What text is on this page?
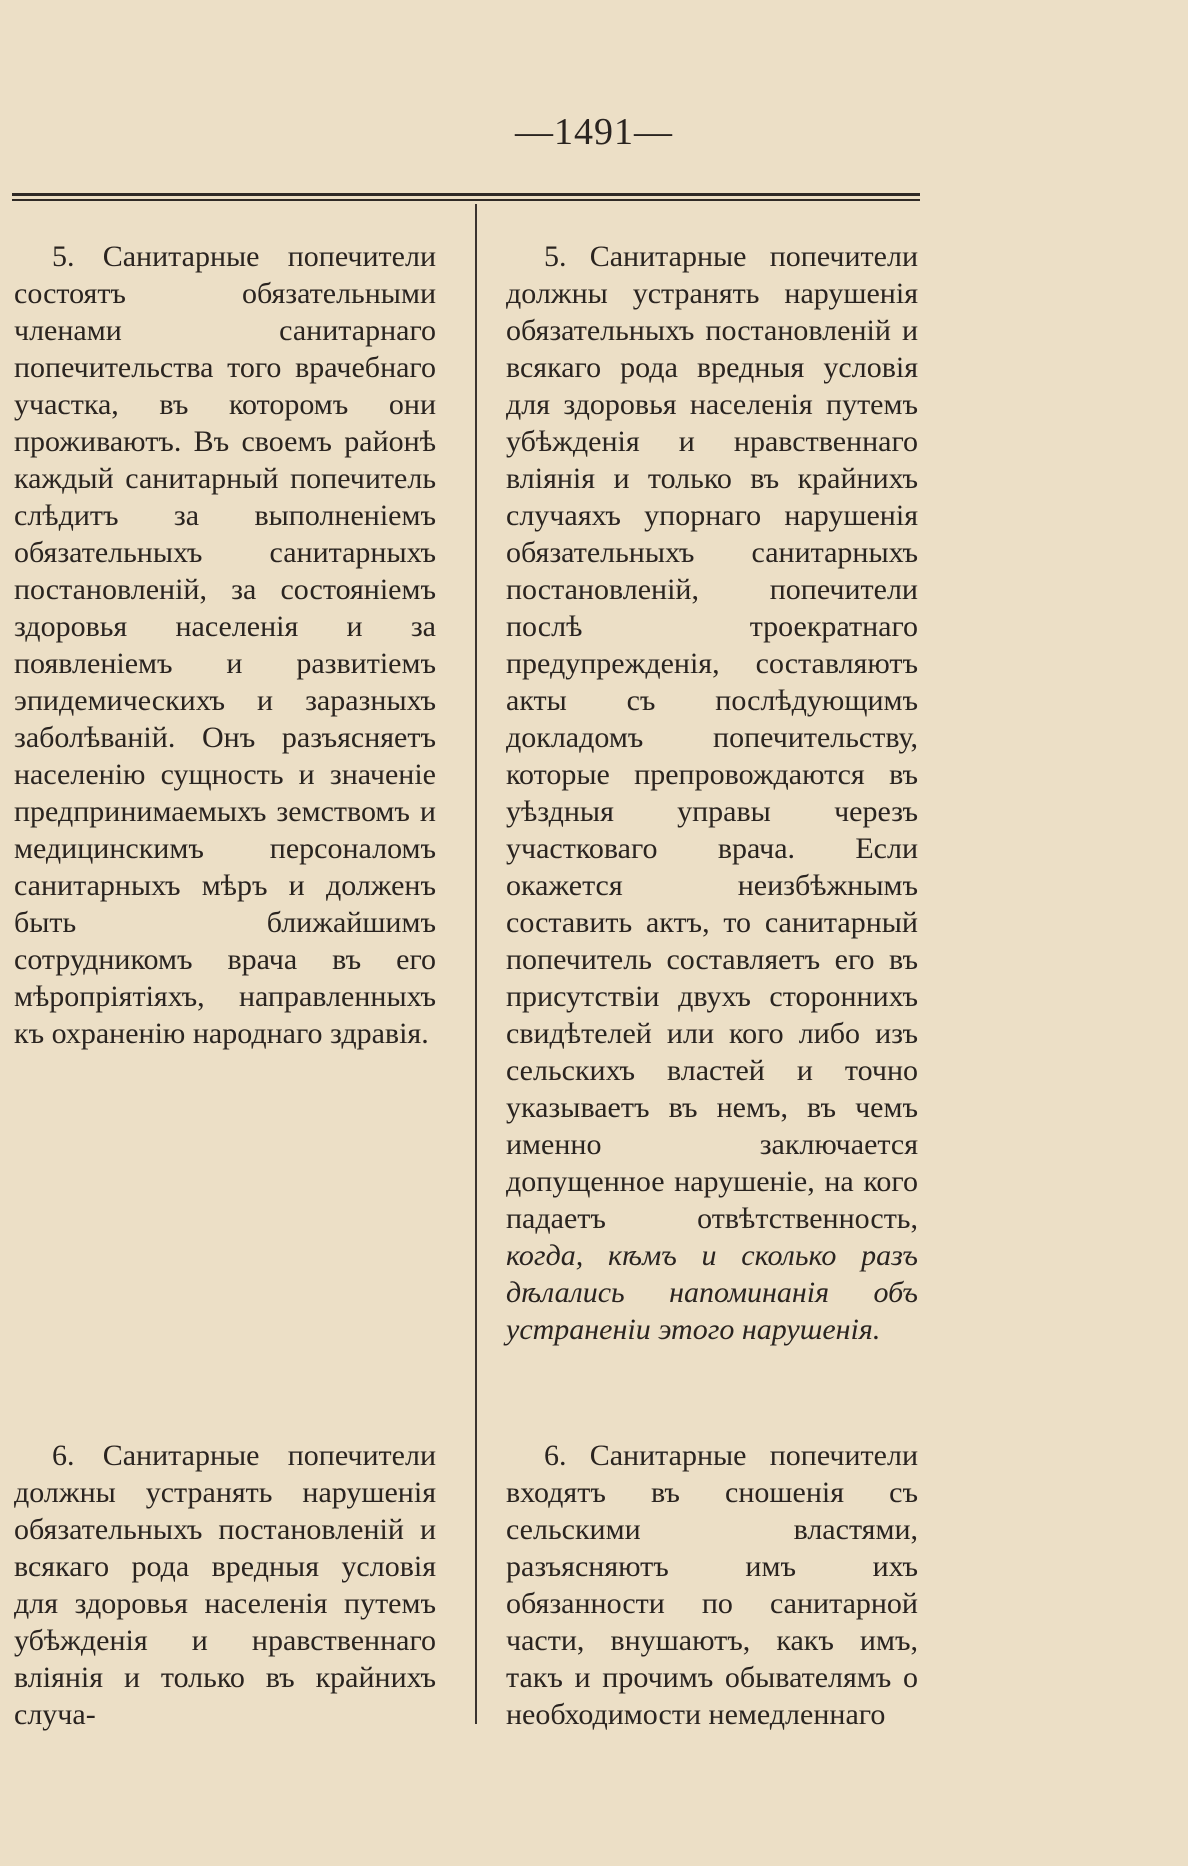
—1491—

5. Санитарные попечители состоятъ обязательными членами санитарнаго попечительства того врачебнаго участка, въ которомъ они проживаютъ. Въ своемъ районѣ каждый санитарный попечитель слѣдитъ за выполненіемъ обязательныхъ санитарныхъ постановленій, за состояніемъ здоровья населенія и за появленіемъ и развитіемъ эпидемическихъ и заразныхъ заболѣваній. Онъ разъясняетъ населенію сущность и значеніе предпринимаемыхъ земствомъ и медицинскимъ персоналомъ санитарныхъ мѣръ и долженъ быть ближайшимъ сотрудникомъ врача въ его мѣропріятіяхъ, направленныхъ къ охраненію народнаго здравія.

5. Санитарные попечители должны устранять нарушенія обязательныхъ постановленій и всякаго рода вредныя условія для здоровья населенія путемъ убѣжденія и нравственнаго вліянія и только въ крайнихъ случаяхъ упорнаго нарушенія обязательныхъ санитарныхъ постановленій, попечители послѣ троекратнаго предупрежденія, составляютъ акты съ послѣдующимъ докладомъ попечительству, которые препровождаются въ уѣздныя управы черезъ участковаго врача. Если окажется неизбѣжнымъ составить актъ, то санитарный попечитель составляетъ его въ присутствіи двухъ стороннихъ свидѣтелей или кого либо изъ сельскихъ властей и точно указываетъ въ немъ, въ чемъ именно заключается допущенное нарушеніе, на кого падаетъ отвѣтственность, когда, кѣмъ и сколько разъ дѣлались напоминанія объ устраненіи этого нарушенія.

6. Санитарные попечители должны устранять нарушенія обязательныхъ постановленій и всякаго рода вредныя условія для здоровья населенія путемъ убѣжденія и нравственнаго вліянія и только въ крайнихъ случа-

6. Санитарные попечители входятъ въ сношенія съ сельскими властями, разъясняютъ имъ ихъ обязанности по санитарной части, внушаютъ, какъ имъ, такъ и прочимъ обывателямъ о необходимости немедленнаго
